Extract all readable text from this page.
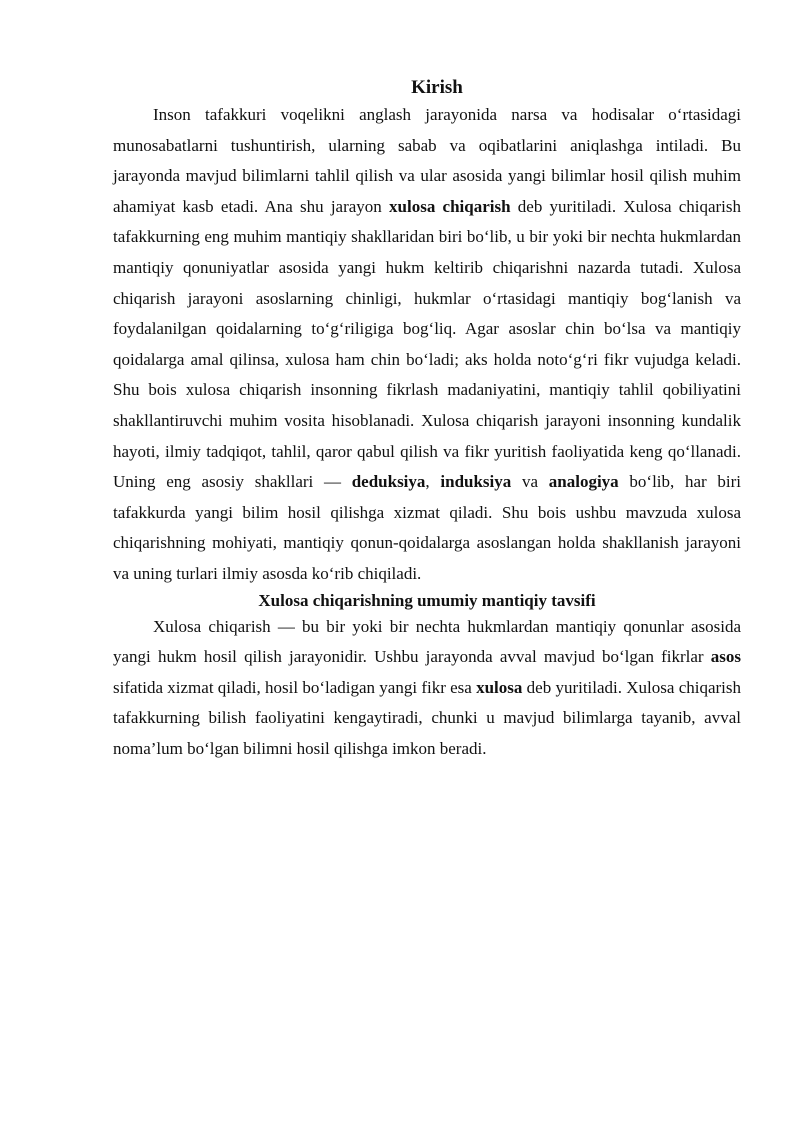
Kirish

Inson tafakkuri voqelikni anglash jarayonida narsa va hodisalar o‘rtasidagi munosabatlarni tushuntirish, ularning sabab va oqibatlarini aniqlashga intiladi. Bu jarayonda mavjud bilimlarni tahlil qilish va ular asosida yangi bilimlar hosil qilish muhim ahamiyat kasb etadi. Ana shu jarayon xulosa chiqarish deb yuritiladi. Xulosa chiqarish tafakkurning eng muhim mantiqiy shakllaridan biri bo‘lib, u bir yoki bir nechta hukmlardan mantiqiy qonuniyatlar asosida yangi hukm keltirib chiqarishni nazarda tutadi. Xulosa chiqarish jarayoni asoslarning chinligi, hukmlar o‘rtasidagi mantiqiy bog‘lanish va foydalanilgan qoidalarning to‘g‘riligiga bog‘liq. Agar asoslar chin bo‘lsa va mantiqiy qoidalarga amal qilinsa, xulosa ham chin bo‘ladi; aks holda noto‘g‘ri fikr vujudga keladi. Shu bois xulosa chiqarish insonning fikrlash madaniyatini, mantiqiy tahlil qobiliyatini shakllantiruvchi muhim vosita hisoblanadi. Xulosa chiqarish jarayoni insonning kundalik hayoti, ilmiy tadqiqot, tahlil, qaror qabul qilish va fikr yuritish faoliyatida keng qo‘llanadi. Uning eng asosiy shakllari — deduksiya, induksiya va analogiya bo‘lib, har biri tafakkurda yangi bilim hosil qilishga xizmat qiladi. Shu bois ushbu mavzuda xulosa chiqarishning mohiyati, mantiqiy qonun-qoidalarga asoslangan holda shakllanish jarayoni va uning turlari ilmiy asosda ko‘rib chiqiladi.

Xulosa chiqarishning umumiy mantiqiy tavsifi

Xulosa chiqarish — bu bir yoki bir nechta hukmlardan mantiqiy qonunlar asosida yangi hukm hosil qilish jarayonidir. Ushbu jarayonda avval mavjud bo‘lgan fikrlar asos sifatida xizmat qiladi, hosil bo‘ladigan yangi fikr esa xulosa deb yuritiladi. Xulosa chiqarish tafakkurning bilish faoliyatini kengaytiradi, chunki u mavjud bilimlarga tayanib, avval noma’lum bo‘lgan bilimni hosil qilishga imkon beradi.
